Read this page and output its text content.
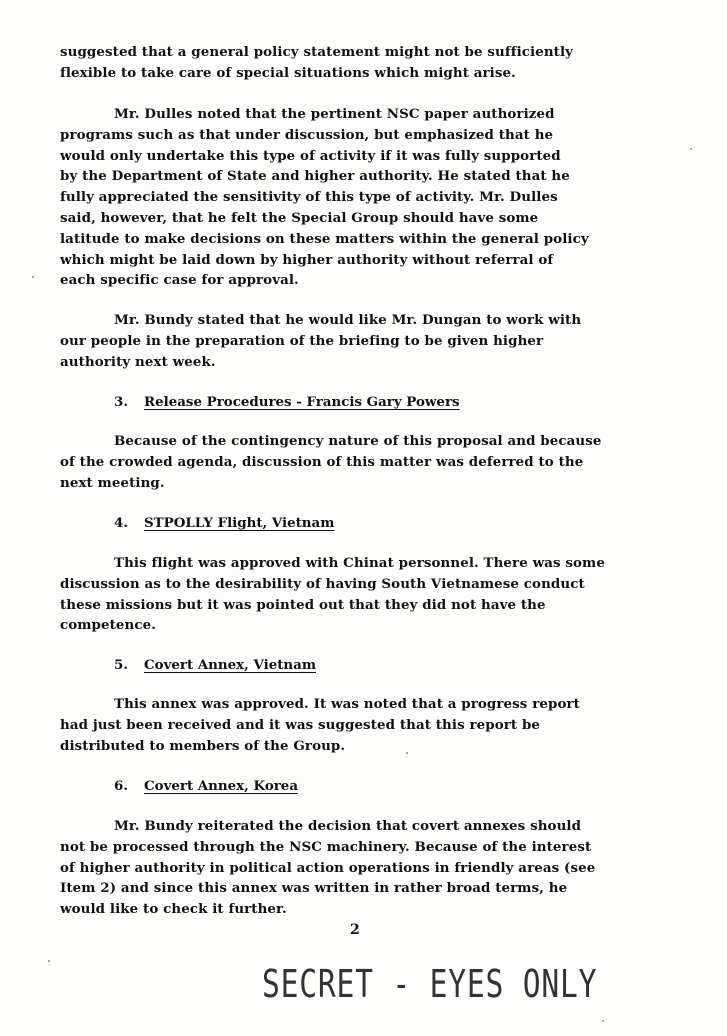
suggested that a general policy statement might not be sufficiently
flexible to take care of special situations which might arise.
Mr. Dulles noted that the pertinent NSC paper authorized
programs such as that under discussion, but emphasized that he
would only undertake this type of activity if it was fully supported
by the Department of State and higher authority. He stated that he
fully appreciated the sensitivity of this type of activity. Mr. Dulles
said, however, that he felt the Special Group should have some
latitude to make decisions on these matters within the general policy
which might be laid down by higher authority without referral of
each specific case for approval.
Mr. Bundy stated that he would like Mr. Dungan to work with
our people in the preparation of the briefing to be given higher
authority next week.
3. Release Procedures - Francis Gary Powers
Because of the contingency nature of this proposal and because
of the crowded agenda, discussion of this matter was deferred to the
next meeting.
4. STPOLLY Flight, Vietnam
This flight was approved with Chinat personnel. There was some
discussion as to the desirability of having South Vietnamese conduct
these missions but it was pointed out that they did not have the
competence.
5. Covert Annex, Vietnam
This annex was approved. It was noted that a progress report
had just been received and it was suggested that this report be
distributed to members of the Group.
6. Covert Annex, Korea
Mr. Bundy reiterated the decision that covert annexes should
not be processed through the NSC machinery. Because of the interest
of higher authority in political action operations in friendly areas (see
Item 2) and since this annex was written in rather broad terms, he
would like to check it further.
2
SECRET - EYES ONLY
